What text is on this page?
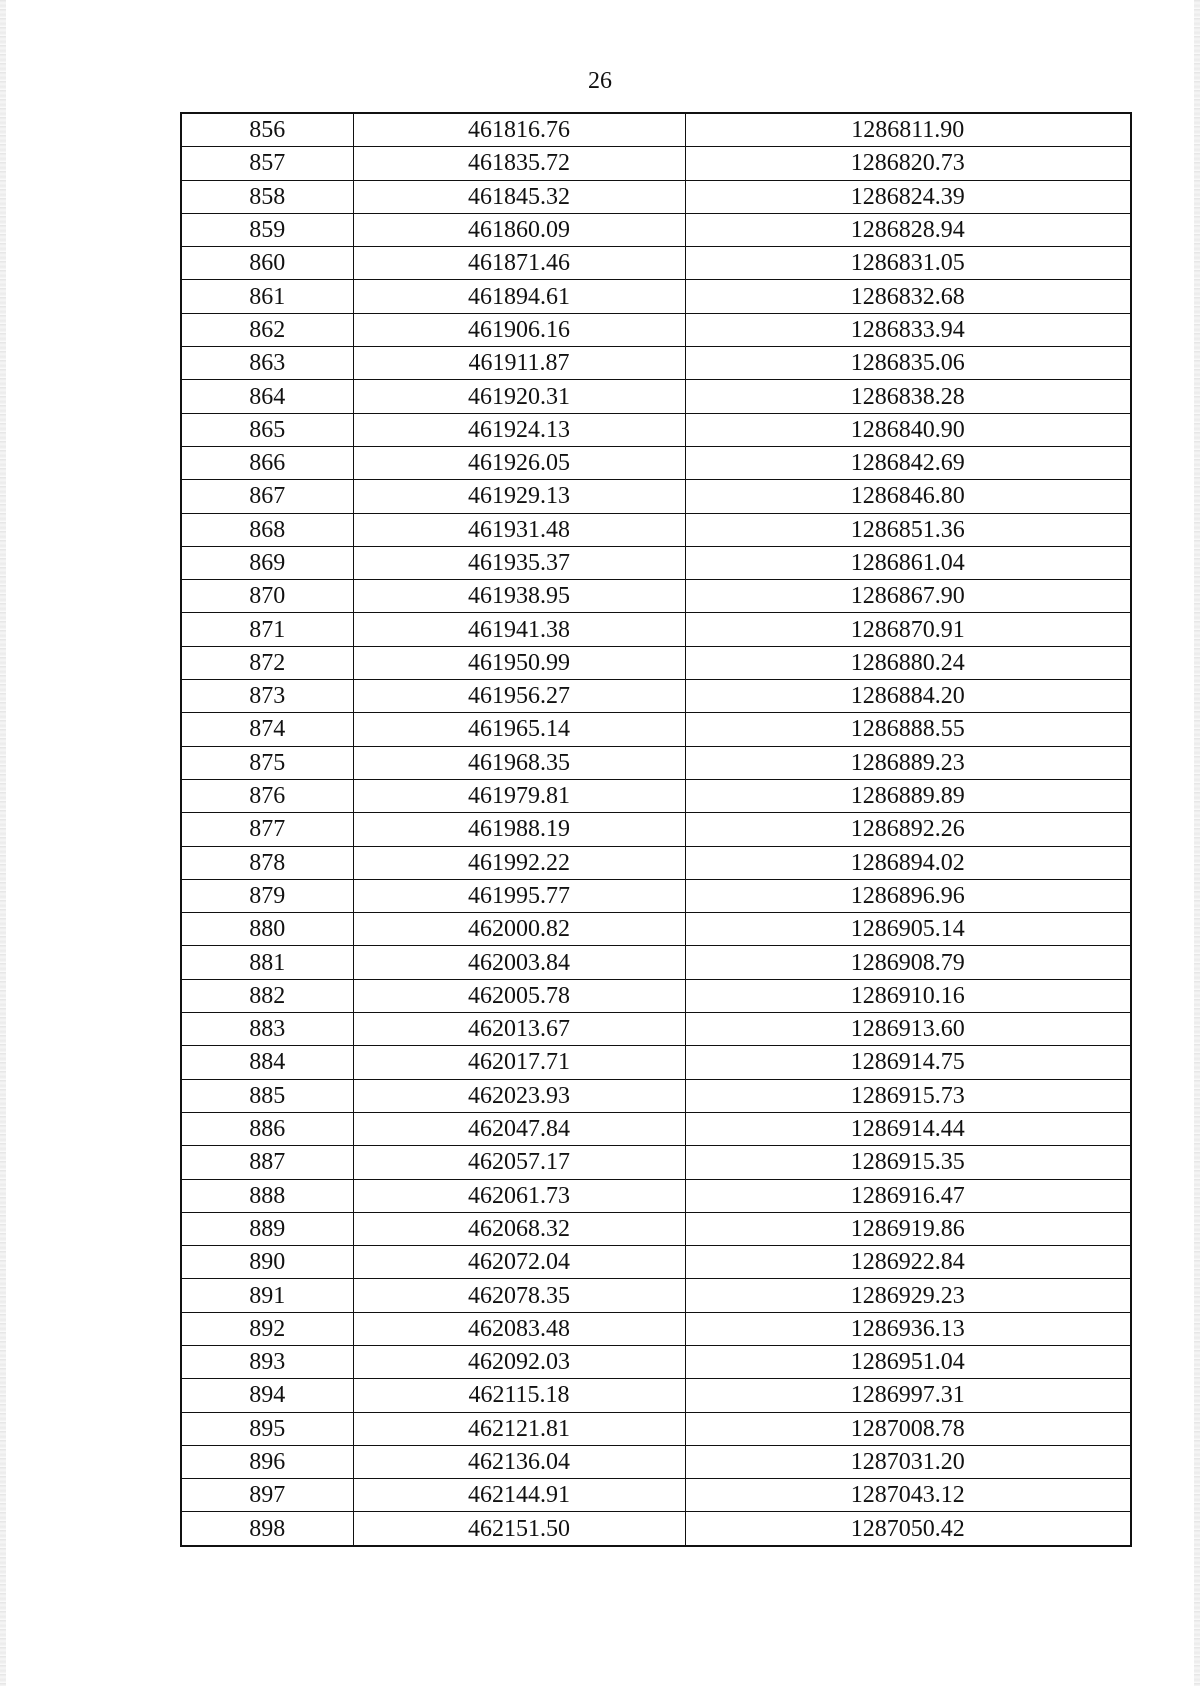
26
856	461816.76	1286811.90
857	461835.72	1286820.73
858	461845.32	1286824.39
859	461860.09	1286828.94
860	461871.46	1286831.05
861	461894.61	1286832.68
862	461906.16	1286833.94
863	461911.87	1286835.06
864	461920.31	1286838.28
865	461924.13	1286840.90
866	461926.05	1286842.69
867	461929.13	1286846.80
868	461931.48	1286851.36
869	461935.37	1286861.04
870	461938.95	1286867.90
871	461941.38	1286870.91
872	461950.99	1286880.24
873	461956.27	1286884.20
874	461965.14	1286888.55
875	461968.35	1286889.23
876	461979.81	1286889.89
877	461988.19	1286892.26
878	461992.22	1286894.02
879	461995.77	1286896.96
880	462000.82	1286905.14
881	462003.84	1286908.79
882	462005.78	1286910.16
883	462013.67	1286913.60
884	462017.71	1286914.75
885	462023.93	1286915.73
886	462047.84	1286914.44
887	462057.17	1286915.35
888	462061.73	1286916.47
889	462068.32	1286919.86
890	462072.04	1286922.84
891	462078.35	1286929.23
892	462083.48	1286936.13
893	462092.03	1286951.04
894	462115.18	1286997.31
895	462121.81	1287008.78
896	462136.04	1287031.20
897	462144.91	1287043.12
898	462151.50	1287050.42
